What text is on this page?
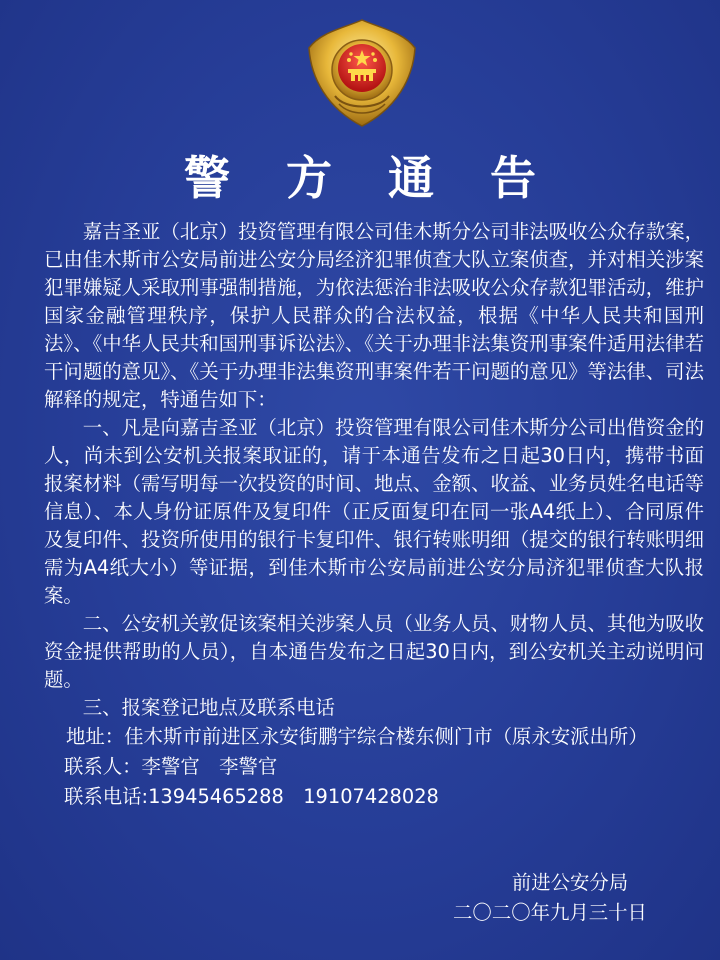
警 方 通 告

嘉吉圣亚（北京）投资管理有限公司佳木斯分公司非法吸收公众存款案，已由佳木斯市公安局前进公安分局经济犯罪侦查大队立案侦查，并对相关涉案犯罪嫌疑人采取刑事强制措施，为依法惩治非法吸收公众存款犯罪活动，维护国家金融管理秩序，保护人民群众的合法权益，根据《中华人民共和国刑法》、《中华人民共和国刑事诉讼法》、《关于办理非法集资刑事案件适用法律若干问题的意见》、《关于办理非法集资刑事案件若干问题的意见》等法律、司法解释的规定，特通告如下：

一、凡是向嘉吉圣亚（北京）投资管理有限公司佳木斯分公司出借资金的人，尚未到公安机关报案取证的，请于本通告发布之日起30日内，携带书面报案材料（需写明每一次投资的时间、地点、金额、收益、业务员姓名电话等信息）、本人身份证原件及复印件（正反面复印在同一张A4纸上）、合同原件及复印件、投资所使用的银行卡复印件、银行转账明细（提交的银行转账明细需为A4纸大小）等证据，到佳木斯市公安局前进公安分局济犯罪侦查大队报案。

二、公安机关敦促该案相关涉案人员（业务人员、财物人员、其他为吸收资金提供帮助的人员），自本通告发布之日起30日内，到公安机关主动说明问题。

三、报案登记地点及联系电话

地址：佳木斯市前进区永安街鹏宇综合楼东侧门市（原永安派出所）

联系人：李警官　李警官

联系电话:13945465288　19107428028

前进公安分局
二〇二〇年九月三十日
